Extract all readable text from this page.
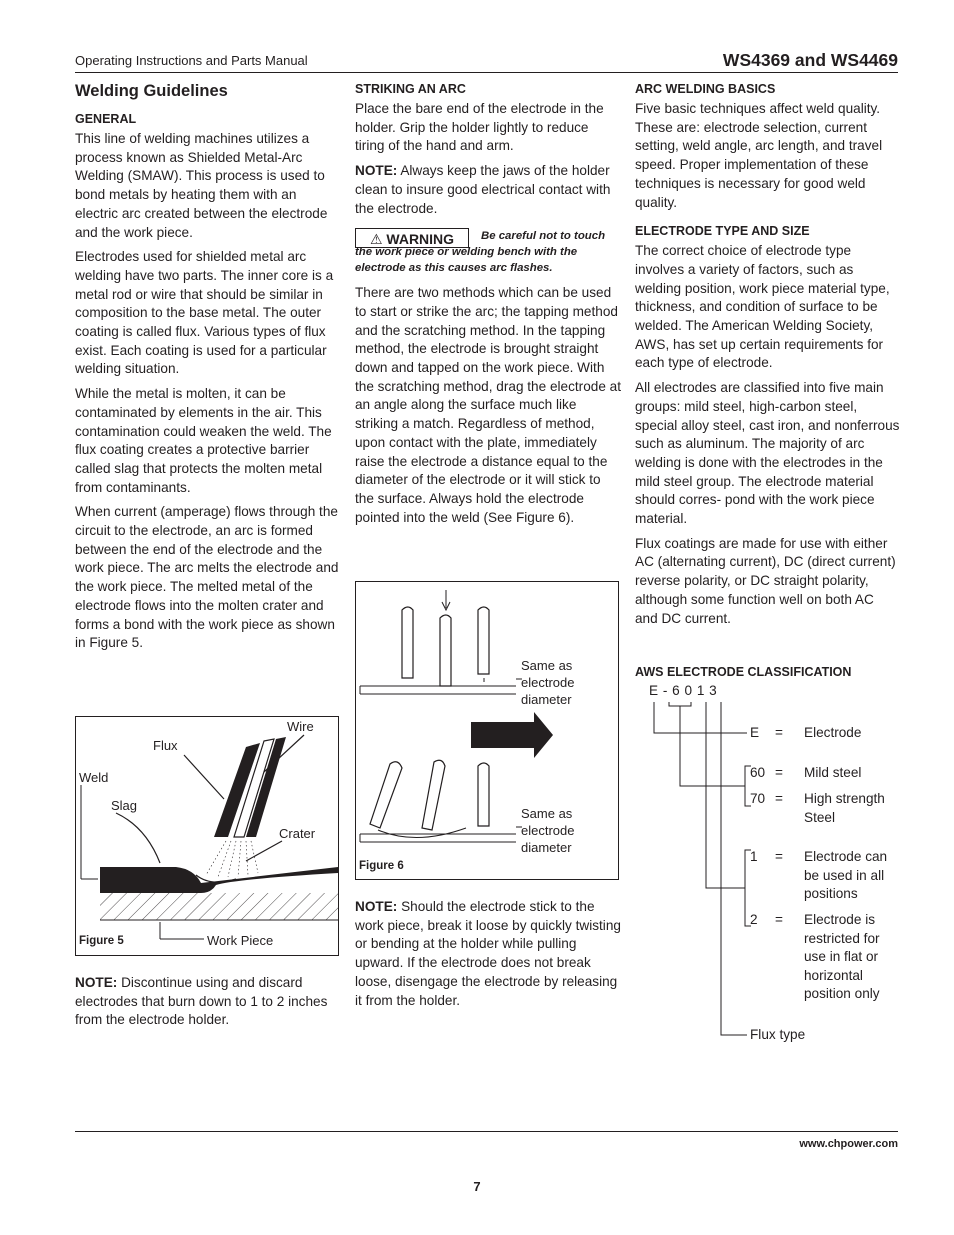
Operating Instructions and Parts Manual	WS4369 and WS4469
Welding Guidelines
GENERAL

This line of welding machines utilizes a process known as Shielded Metal-Arc Welding (SMAW). This process is used to bond metals by heating them with an electric arc created between the electrode and the work piece.

Electrodes used for shielded metal arc welding have two parts. The inner core is a metal rod or wire that should be similar in composition to the base metal. The outer coating is called flux. Various types of flux exist. Each coating is used for a particular welding situation.

While the metal is molten, it can be contaminated by elements in the air. This contamination could weaken the weld. The flux coating creates a protective barrier called slag that protects the molten metal from contaminants.

When current (amperage) flows through the circuit to the electrode, an arc is formed between the end of the electrode and the work piece. The arc melts the electrode and the work piece. The melted metal of the electrode flows into the molten crater and forms a bond with the work piece as shown in Figure 5.

Wire
Flux
Weld
Slag
Crater
Work Piece
Figure 5

NOTE: Discontinue using and discard electrodes that burn down to 1 to 2 inches from the electrode holder.

STRIKING AN ARC

Place the bare end of the electrode in the holder. Grip the holder lightly to reduce tiring of the hand and arm.

NOTE: Always keep the jaws of the holder clean to insure good electrical contact with the electrode.

⚠ WARNING	Be careful not to touch the work piece or welding bench with the electrode as this causes arc flashes.

There are two methods which can be used to start or strike the arc; the tapping method and the scratching method. In the tapping method, the electrode is brought straight down and tapped on the work piece. With the scratching method, drag the electrode at an angle along the surface much like striking a match. Regardless of method, upon contact with the plate, immediately raise the electrode a distance equal to the diameter of the electrode or it will stick to the surface. Always hold the electrode pointed into the weld (See Figure 6).

Same as electrode diameter
Same as electrode diameter
Figure 6

NOTE: Should the electrode stick to the work piece, break it loose by quickly twisting or bending at the holder while pulling upward. If the electrode does not break loose, disengage the electrode by releasing it from the holder.

ARC WELDING BASICS

Five basic techniques affect weld quality. These are: electrode selection, current setting, weld angle, arc length, and travel speed. Proper implementation of these techniques is necessary for good weld quality.

ELECTRODE TYPE AND SIZE

The correct choice of electrode type involves a variety of factors, such as welding position, work piece material type, thickness, and condition of surface to be welded. The American Welding Society, AWS, has set up certain requirements for each type of electrode.

All electrodes are classified into five main groups: mild steel, high-carbon steel, special alloy steel, cast iron, and nonferrous such as aluminum. The majority of arc welding is done with the electrodes in the mild steel group. The electrode material should corres- pond with the work piece material.

Flux coatings are made for use with either AC (alternating current), DC (direct current) reverse polarity, or DC straight polarity, although some function well on both AC and DC current.

AWS ELECTRODE CLASSIFICATION
E - 6 0 1 3
E = Electrode
60 = Mild steel
70 = High strength Steel
1 = Electrode can be used in all positions
2 = Electrode is restricted for use in flat or horizontal position only
Flux type
www.chpower.com
7
